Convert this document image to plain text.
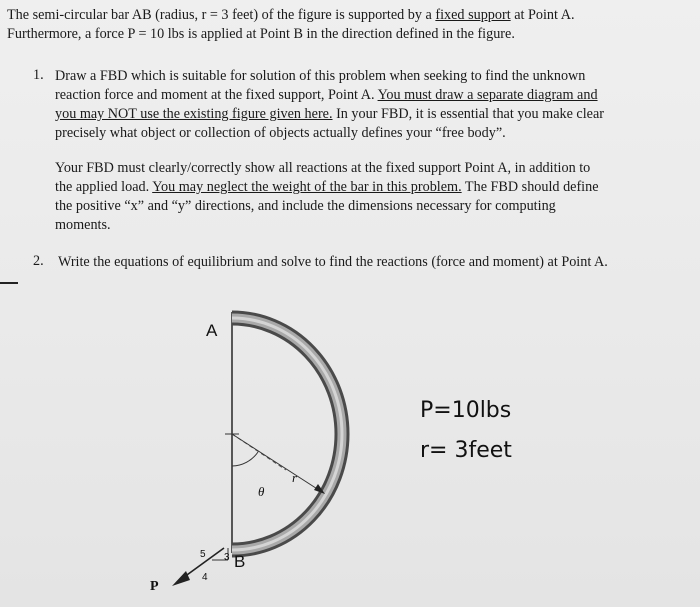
The semi-circular bar AB (radius, r = 3 feet) of the figure is supported by a fixed support at Point A.
Furthermore, a force P = 10 lbs is applied at Point B in the direction defined in the figure.
1. Draw a FBD which is suitable for solution of this problem when seeking to find the unknown
reaction force and moment at the fixed support, Point A. You must draw a separate diagram and
you may NOT use the existing figure given here. In your FBD, it is essential that you make clear
precisely what object or collection of objects actually defines your “free body”.
Your FBD must clearly/correctly show all reactions at the fixed support Point A, in addition to
the applied load. You may neglect the weight of the bar in this problem. The FBD should define
the positive “x” and “y” directions, and include the dimensions necessary for computing
moments.
2. Write the equations of equilibrium and solve to find the reactions (force and moment) at Point A.
A
B
P
r
θ
5 3
4
P=10lbs
r= 3feet
